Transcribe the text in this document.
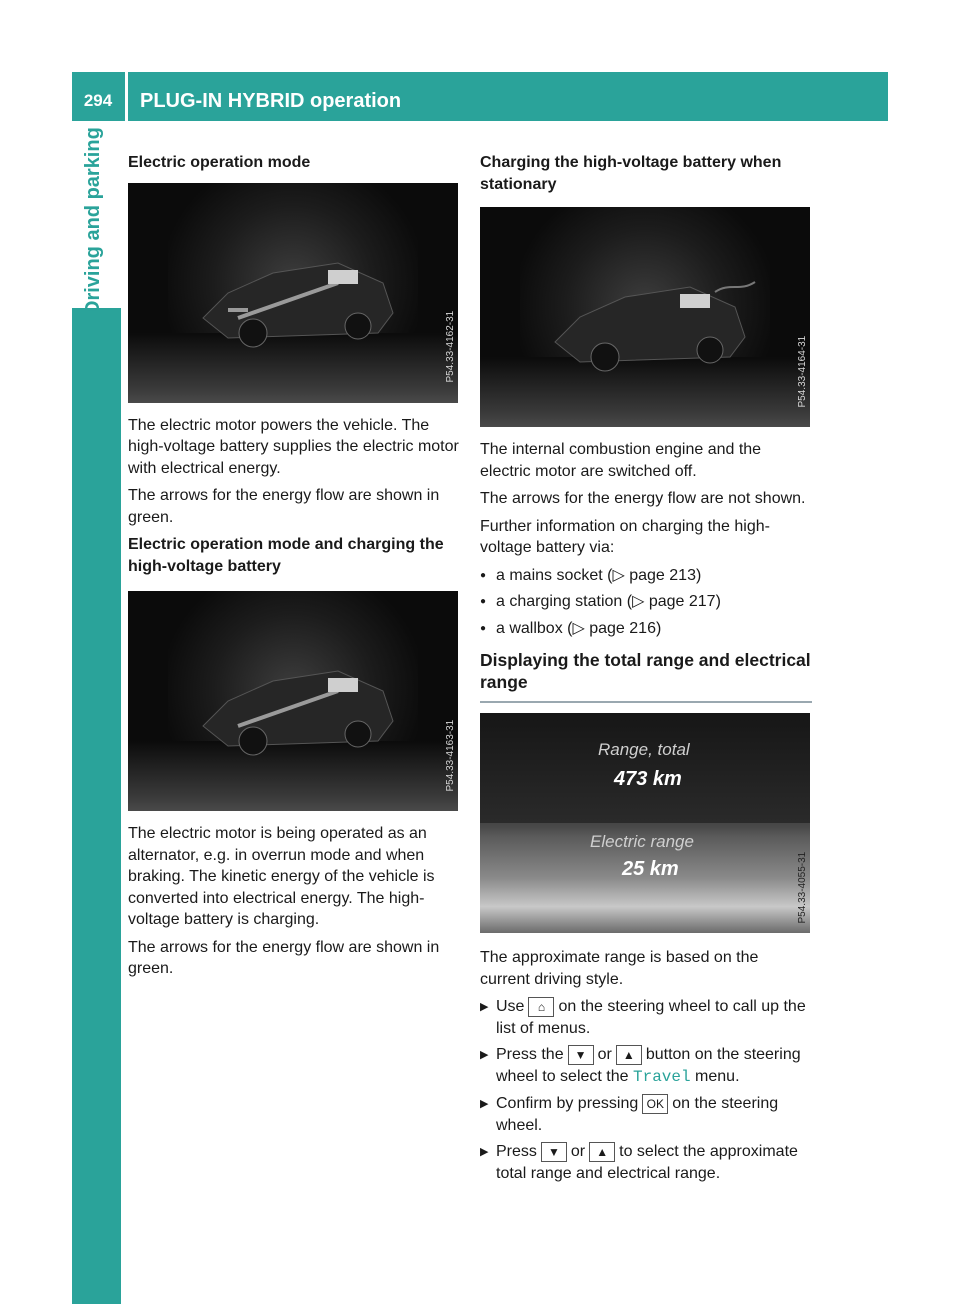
294	PLUG-IN HYBRID operation
Driving and parking Electric operation mode
P54.33-4162-31

The electric motor powers the vehicle. The high-voltage battery supplies the electric motor with electrical energy.

The arrows for the energy flow are shown in green.

Electric operation mode and charging the high-voltage battery
P54.33-4163-31

The electric motor is being operated as an alternator, e.g. in overrun mode and when braking. The kinetic energy of the vehicle is converted into electrical energy. The high-voltage battery is charging.

The arrows for the energy flow are shown in green.

Charging the high-voltage battery when stationary
P54.33-4164-31

The internal combustion engine and the electric motor are switched off.

The arrows for the energy flow are not shown.

Further information on charging the high-voltage battery via:

● a mains socket (▷ page 213)
● a charging station (▷ page 217)
● a wallbox (▷ page 216)
Displaying the total range and electrical range
Range, total
473 km
Electric range
25 km	P54.33-4055-31

The approximate range is based on the current driving style.

▶ Use ⌂ on the steering wheel to call up the list of menus.
▶ Press the ▼ or ▲ button on the steering wheel to select the Travel menu.
▶ Confirm by pressing OK on the steering wheel.
▶ Press ▼ or ▲ to select the approximate total range and electrical range.
